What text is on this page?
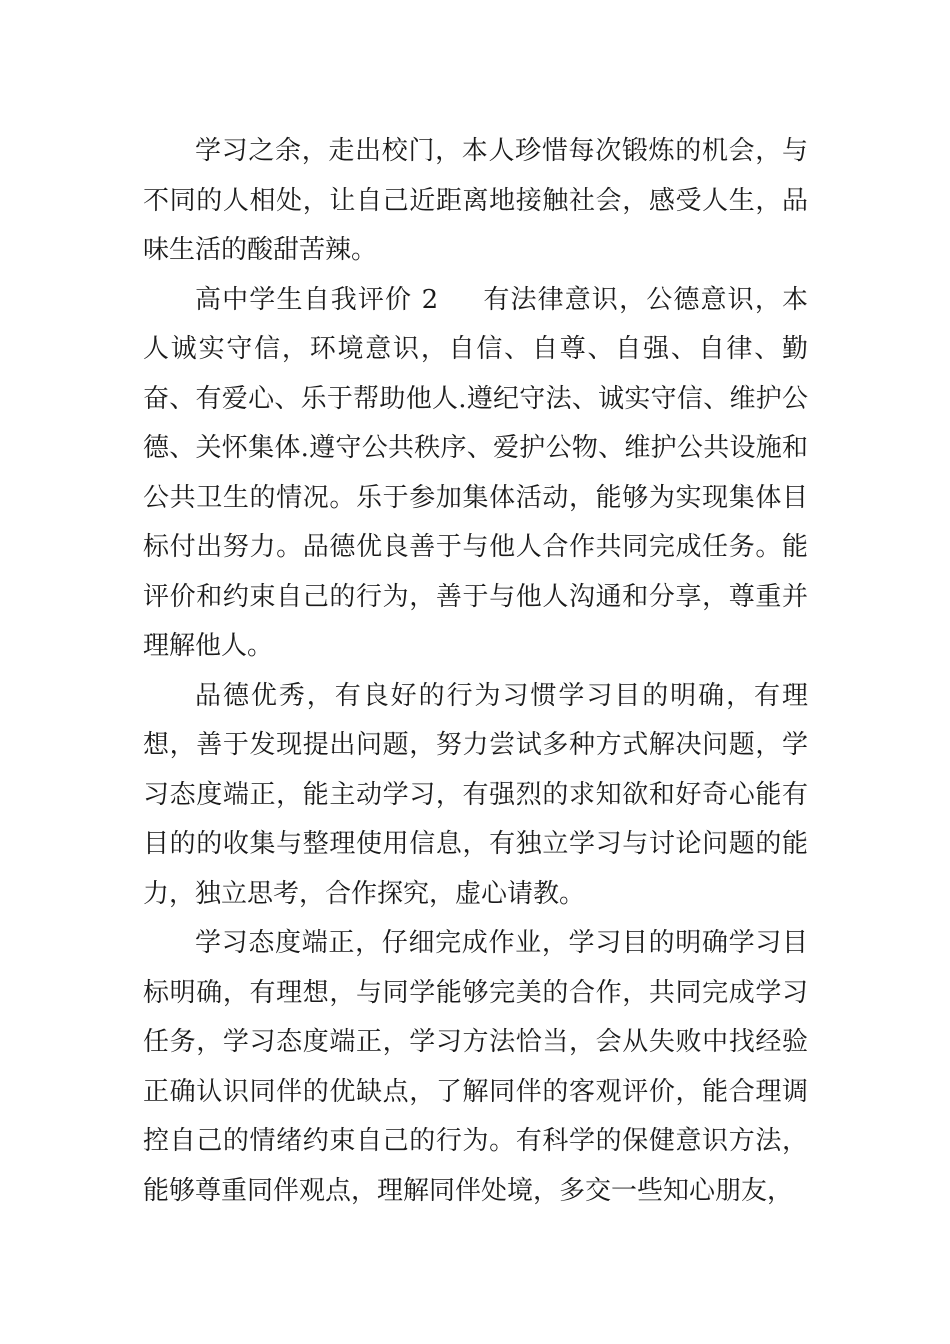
学习之余，走出校门，本人珍惜每次锻炼的机会，与不同的人相处，让自己近距离地接触社会，感受人生，品味生活的酸甜苦辣。

高中学生自我评价 2 有法律意识，公德意识，本人诚实守信，环境意识，自信、自尊、自强、自律、勤奋、有爱心、乐于帮助他人.遵纪守法、诚实守信、维护公德、关怀集体.遵守公共秩序、爱护公物、维护公共设施和公共卫生的情况。乐于参加集体活动，能够为实现集体目标付出努力。品德优良善于与他人合作共同完成任务。能评价和约束自己的行为，善于与他人沟通和分享，尊重并理解他人。

品德优秀，有良好的行为习惯学习目的明确，有理想，善于发现提出问题，努力尝试多种方式解决问题，学习态度端正，能主动学习，有强烈的求知欲和好奇心能有目的的收集与整理使用信息，有独立学习与讨论问题的能力，独立思考，合作探究，虚心请教。

学习态度端正，仔细完成作业，学习目的明确学习目标明确，有理想，与同学能够完美的合作，共同完成学习任务，学习态度端正，学习方法恰当，会从失败中找经验正确认识同伴的优缺点，了解同伴的客观评价，能合理调控自己的情绪约束自己的行为。有科学的保健意识方法，能够尊重同伴观点，理解同伴处境，多交一些知心朋友，
